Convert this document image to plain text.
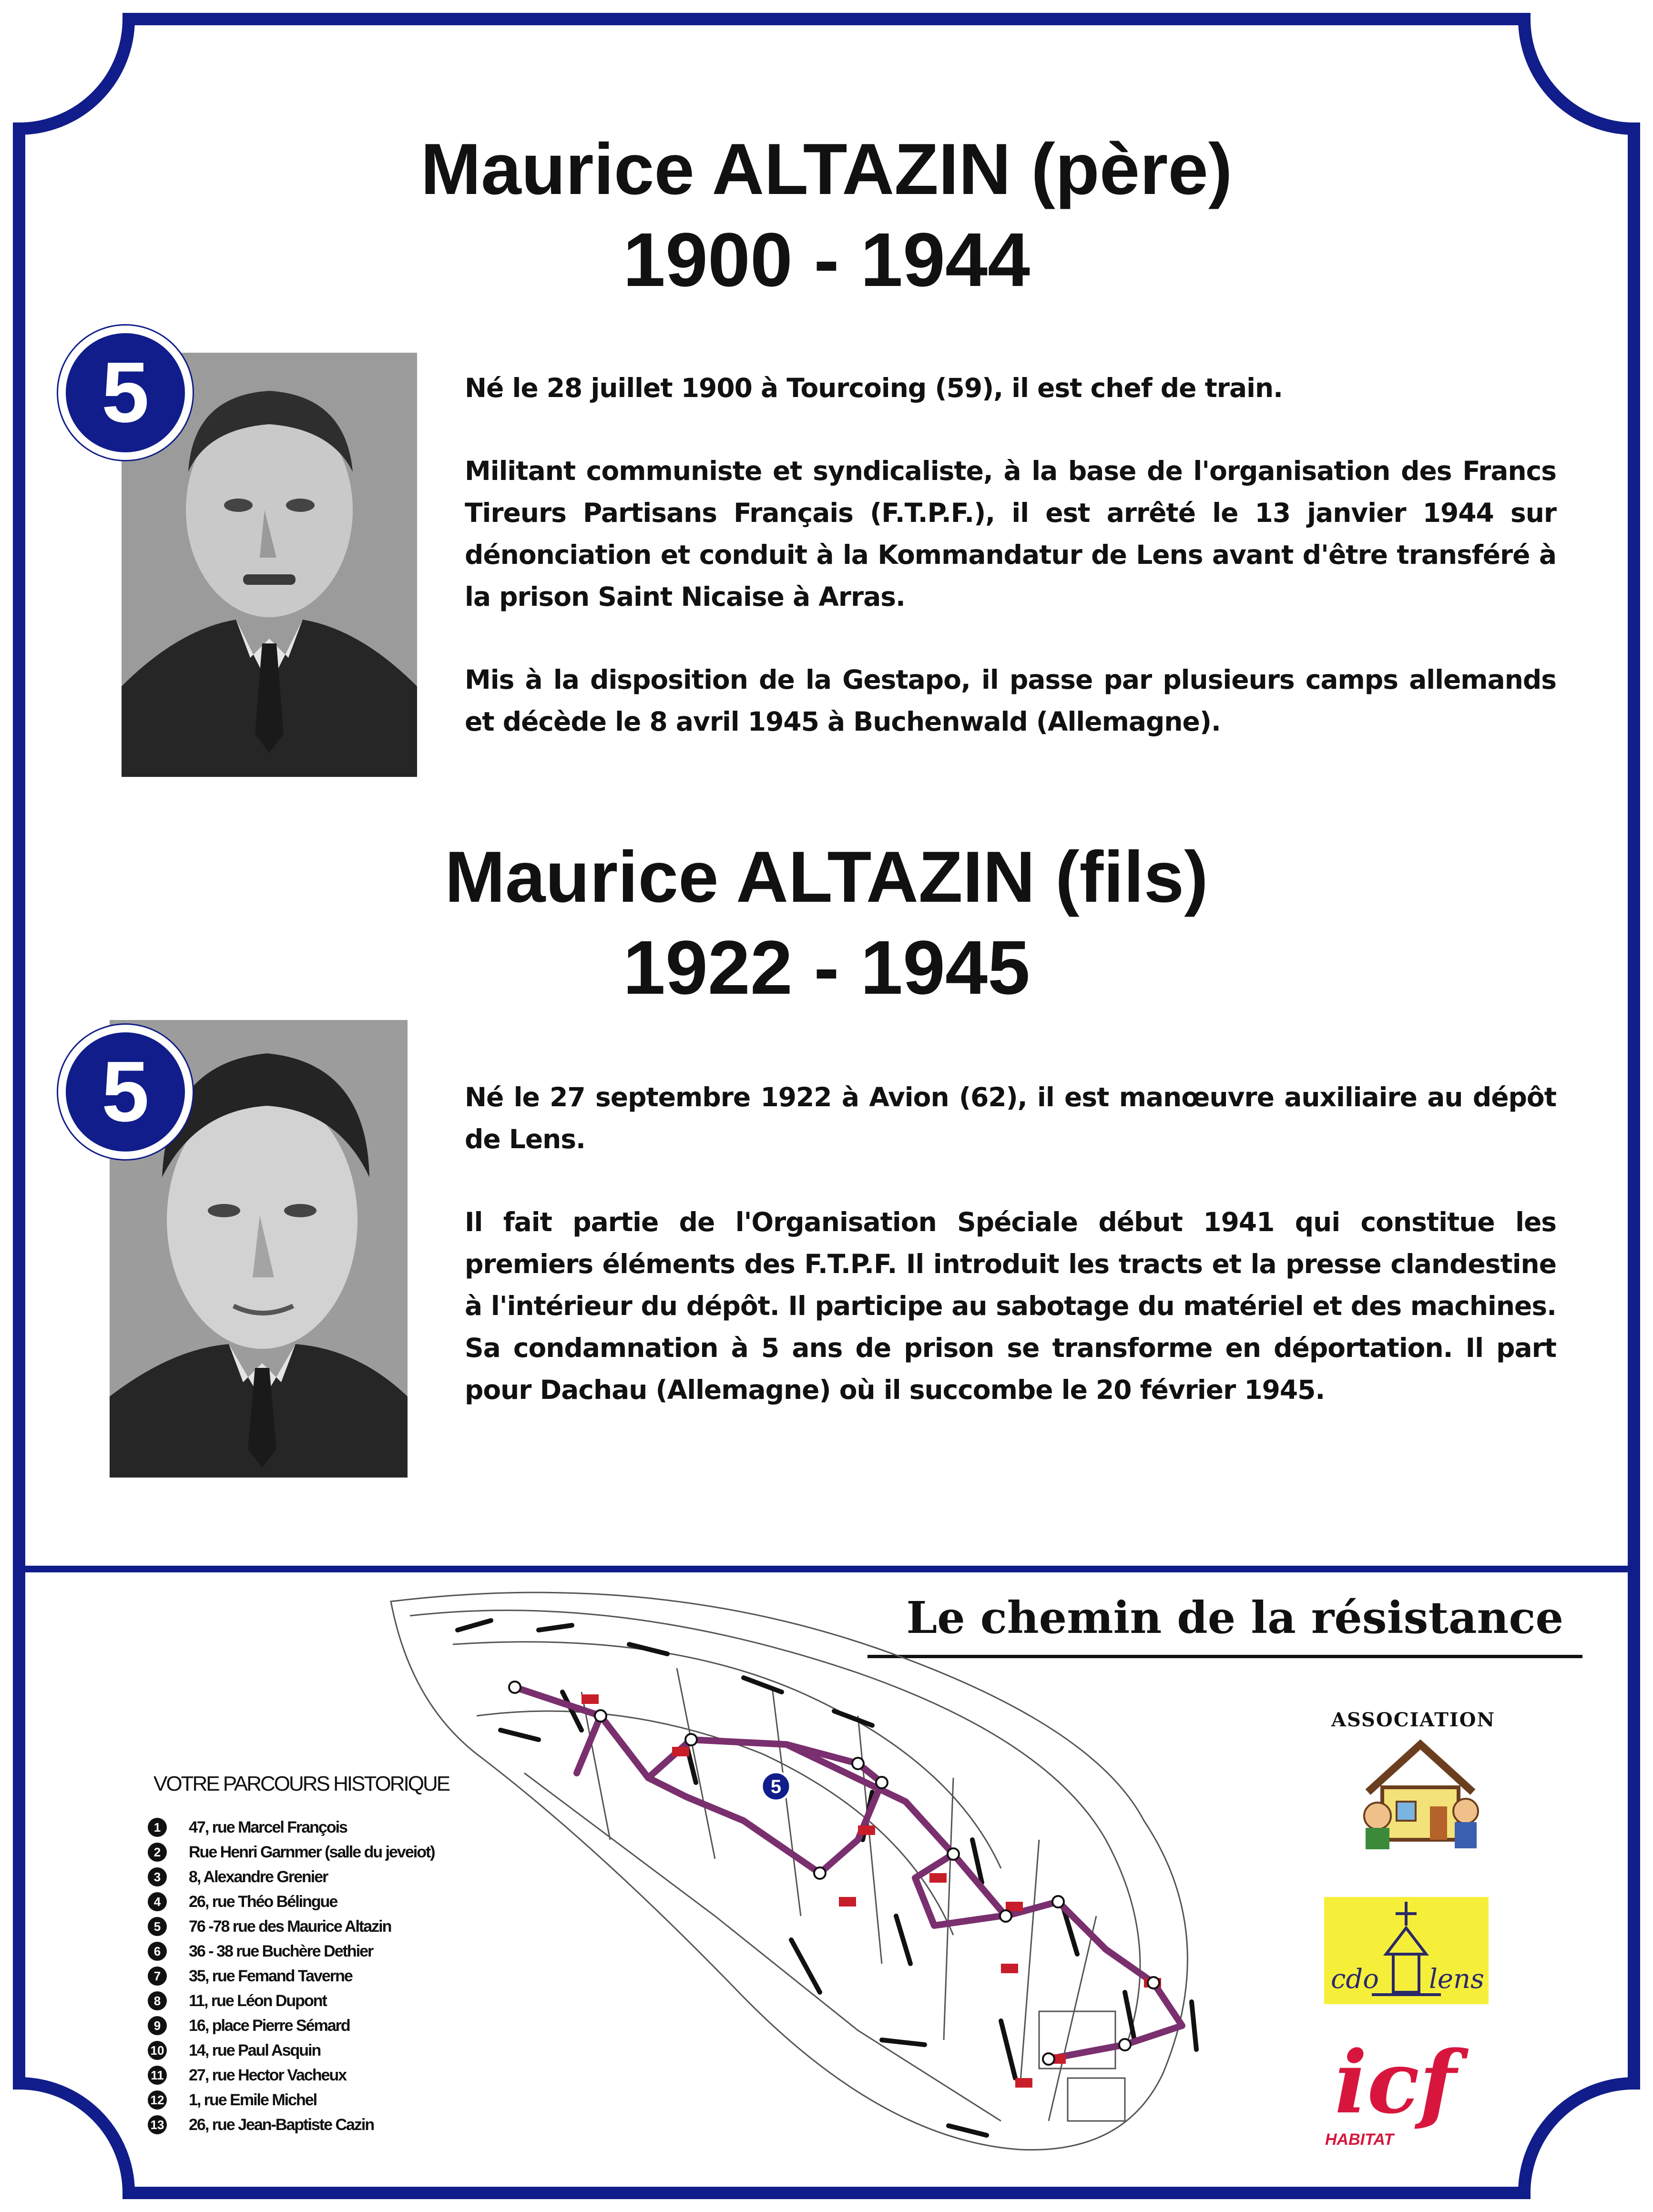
Maurice ALTAZIN (père)
1900 - 1944
5	Né le 28 juillet 1900 à Tourcoing (59), il est chef de train.

Militant communiste et syndicaliste, à la base de l'organisation des Francs Tireurs Partisans Français (F.T.P.F.), il est arrêté le 13 janvier 1944 sur dénonciation et conduit à la Kommandatur de Lens avant d'être transféré à la prison Saint Nicaise à Arras.

Mis à la disposition de la Gestapo, il passe par plusieurs camps allemands et décède le 8 avril 1945 à Buchenwald (Allemagne).

Maurice ALTAZIN (fils)
1922 - 1945
5	Né le 27 septembre 1922 à Avion (62), il est manœuvre auxiliaire au dépôt de Lens.

Il fait partie de l'Organisation Spéciale début 1941 qui constitue les premiers éléments des F.T.P.F. Il introduit les tracts et la presse clandestine à l'intérieur du dépôt. Il participe au sabotage du matériel et des machines. Sa condamnation à 5 ans de prison se transforme en déportation. Il part pour Dachau (Allemagne) où il succombe le 20 février 1945.

Le chemin de la résistance
VOTRE PARCOURS HISTORIQUE
1	47, rue Marcel François
2	Rue Henri Garnmer (salle du jeveiot)
3	8, Alexandre Grenier
4	26, rue Théo Bélingue
5	76 -78 rue des Maurice Altazin
6	36 - 38 rue Buchère Dethier
7	35, rue Femand Taverne
8	11, rue Léon Dupont
9	16, place Pierre Sémard
10 14, rue Paul Asquin
11 27, rue Hector Vacheux
12 1, rue Emile Michel
13 26, rue Jean-Baptiste Cazin
5
ASSOCIATION
cdo lens
icf
HABITAT
